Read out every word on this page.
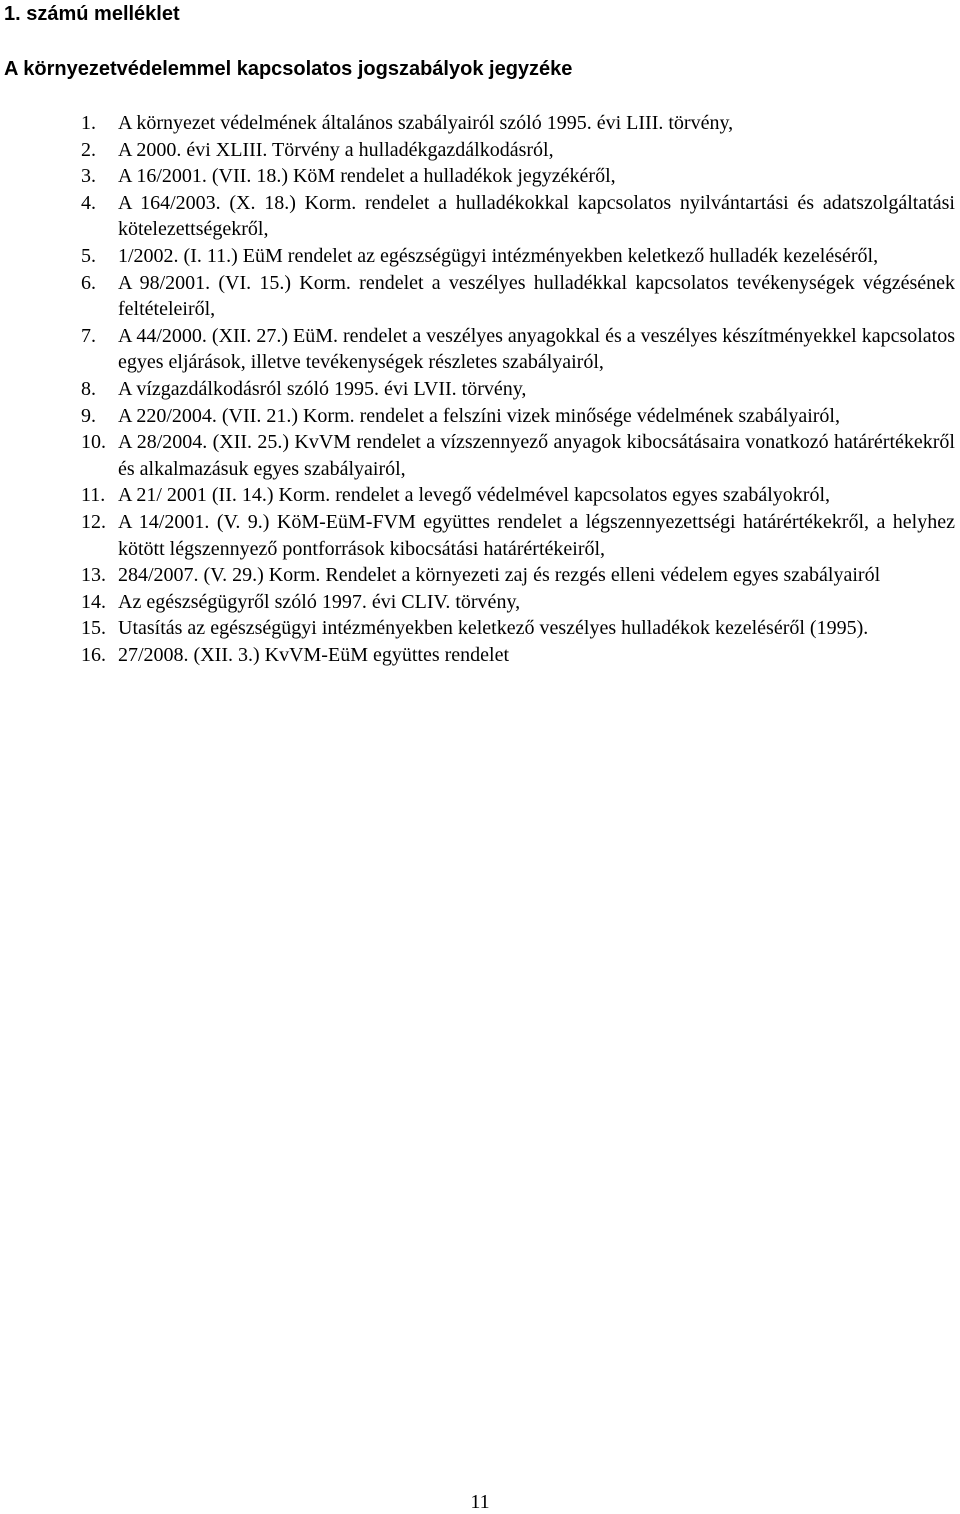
1. számú melléklet
A környezetvédelemmel kapcsolatos jogszabályok jegyzéke
1. A környezet védelmének általános szabályairól szóló 1995. évi LIII. törvény,
2. A 2000. évi XLIII. Törvény a hulladékgazdálkodásról,
3. A 16/2001. (VII. 18.) KöM rendelet a hulladékok jegyzékéről,
4. A 164/2003. (X. 18.) Korm. rendelet a hulladékokkal kapcsolatos nyilvántartási és adatszolgáltatási kötelezettségekről,
5. 1/2002. (I. 11.) EüM rendelet az egészségügyi intézményekben keletkező hulladék kezeléséről,
6. A 98/2001. (VI. 15.) Korm. rendelet a veszélyes hulladékkal kapcsolatos tevékenységek végzésének feltételeiről,
7. A 44/2000. (XII. 27.) EüM. rendelet a veszélyes anyagokkal és a veszélyes készítményekkel kapcsolatos egyes eljárások, illetve tevékenységek részletes szabályairól,
8. A vízgazdálkodásról szóló 1995. évi LVII. törvény,
9. A 220/2004. (VII. 21.) Korm. rendelet a felszíni vizek minősége védelmének szabályairól,
10. A 28/2004. (XII. 25.) KvVM rendelet a vízszennyező anyagok kibocsátásaira vonatkozó határértékekről és alkalmazásuk egyes szabályairól,
11. A 21/ 2001 (II. 14.) Korm. rendelet a levegő védelmével kapcsolatos egyes szabályokról,
12. A 14/2001. (V. 9.) KöM-EüM-FVM együttes rendelet a légszennyezettségi határértékekről, a helyhez kötött légszennyező pontforrások kibocsátási határértékeiről,
13. 284/2007. (V. 29.) Korm. Rendelet a környezeti zaj és rezgés elleni védelem egyes szabályairól
14. Az egészségügyről szóló 1997. évi CLIV. törvény,
15. Utasítás az egészségügyi intézményekben keletkező veszélyes hulladékok kezeléséről (1995).
16. 27/2008. (XII. 3.) KvVM-EüM együttes rendelet

11
